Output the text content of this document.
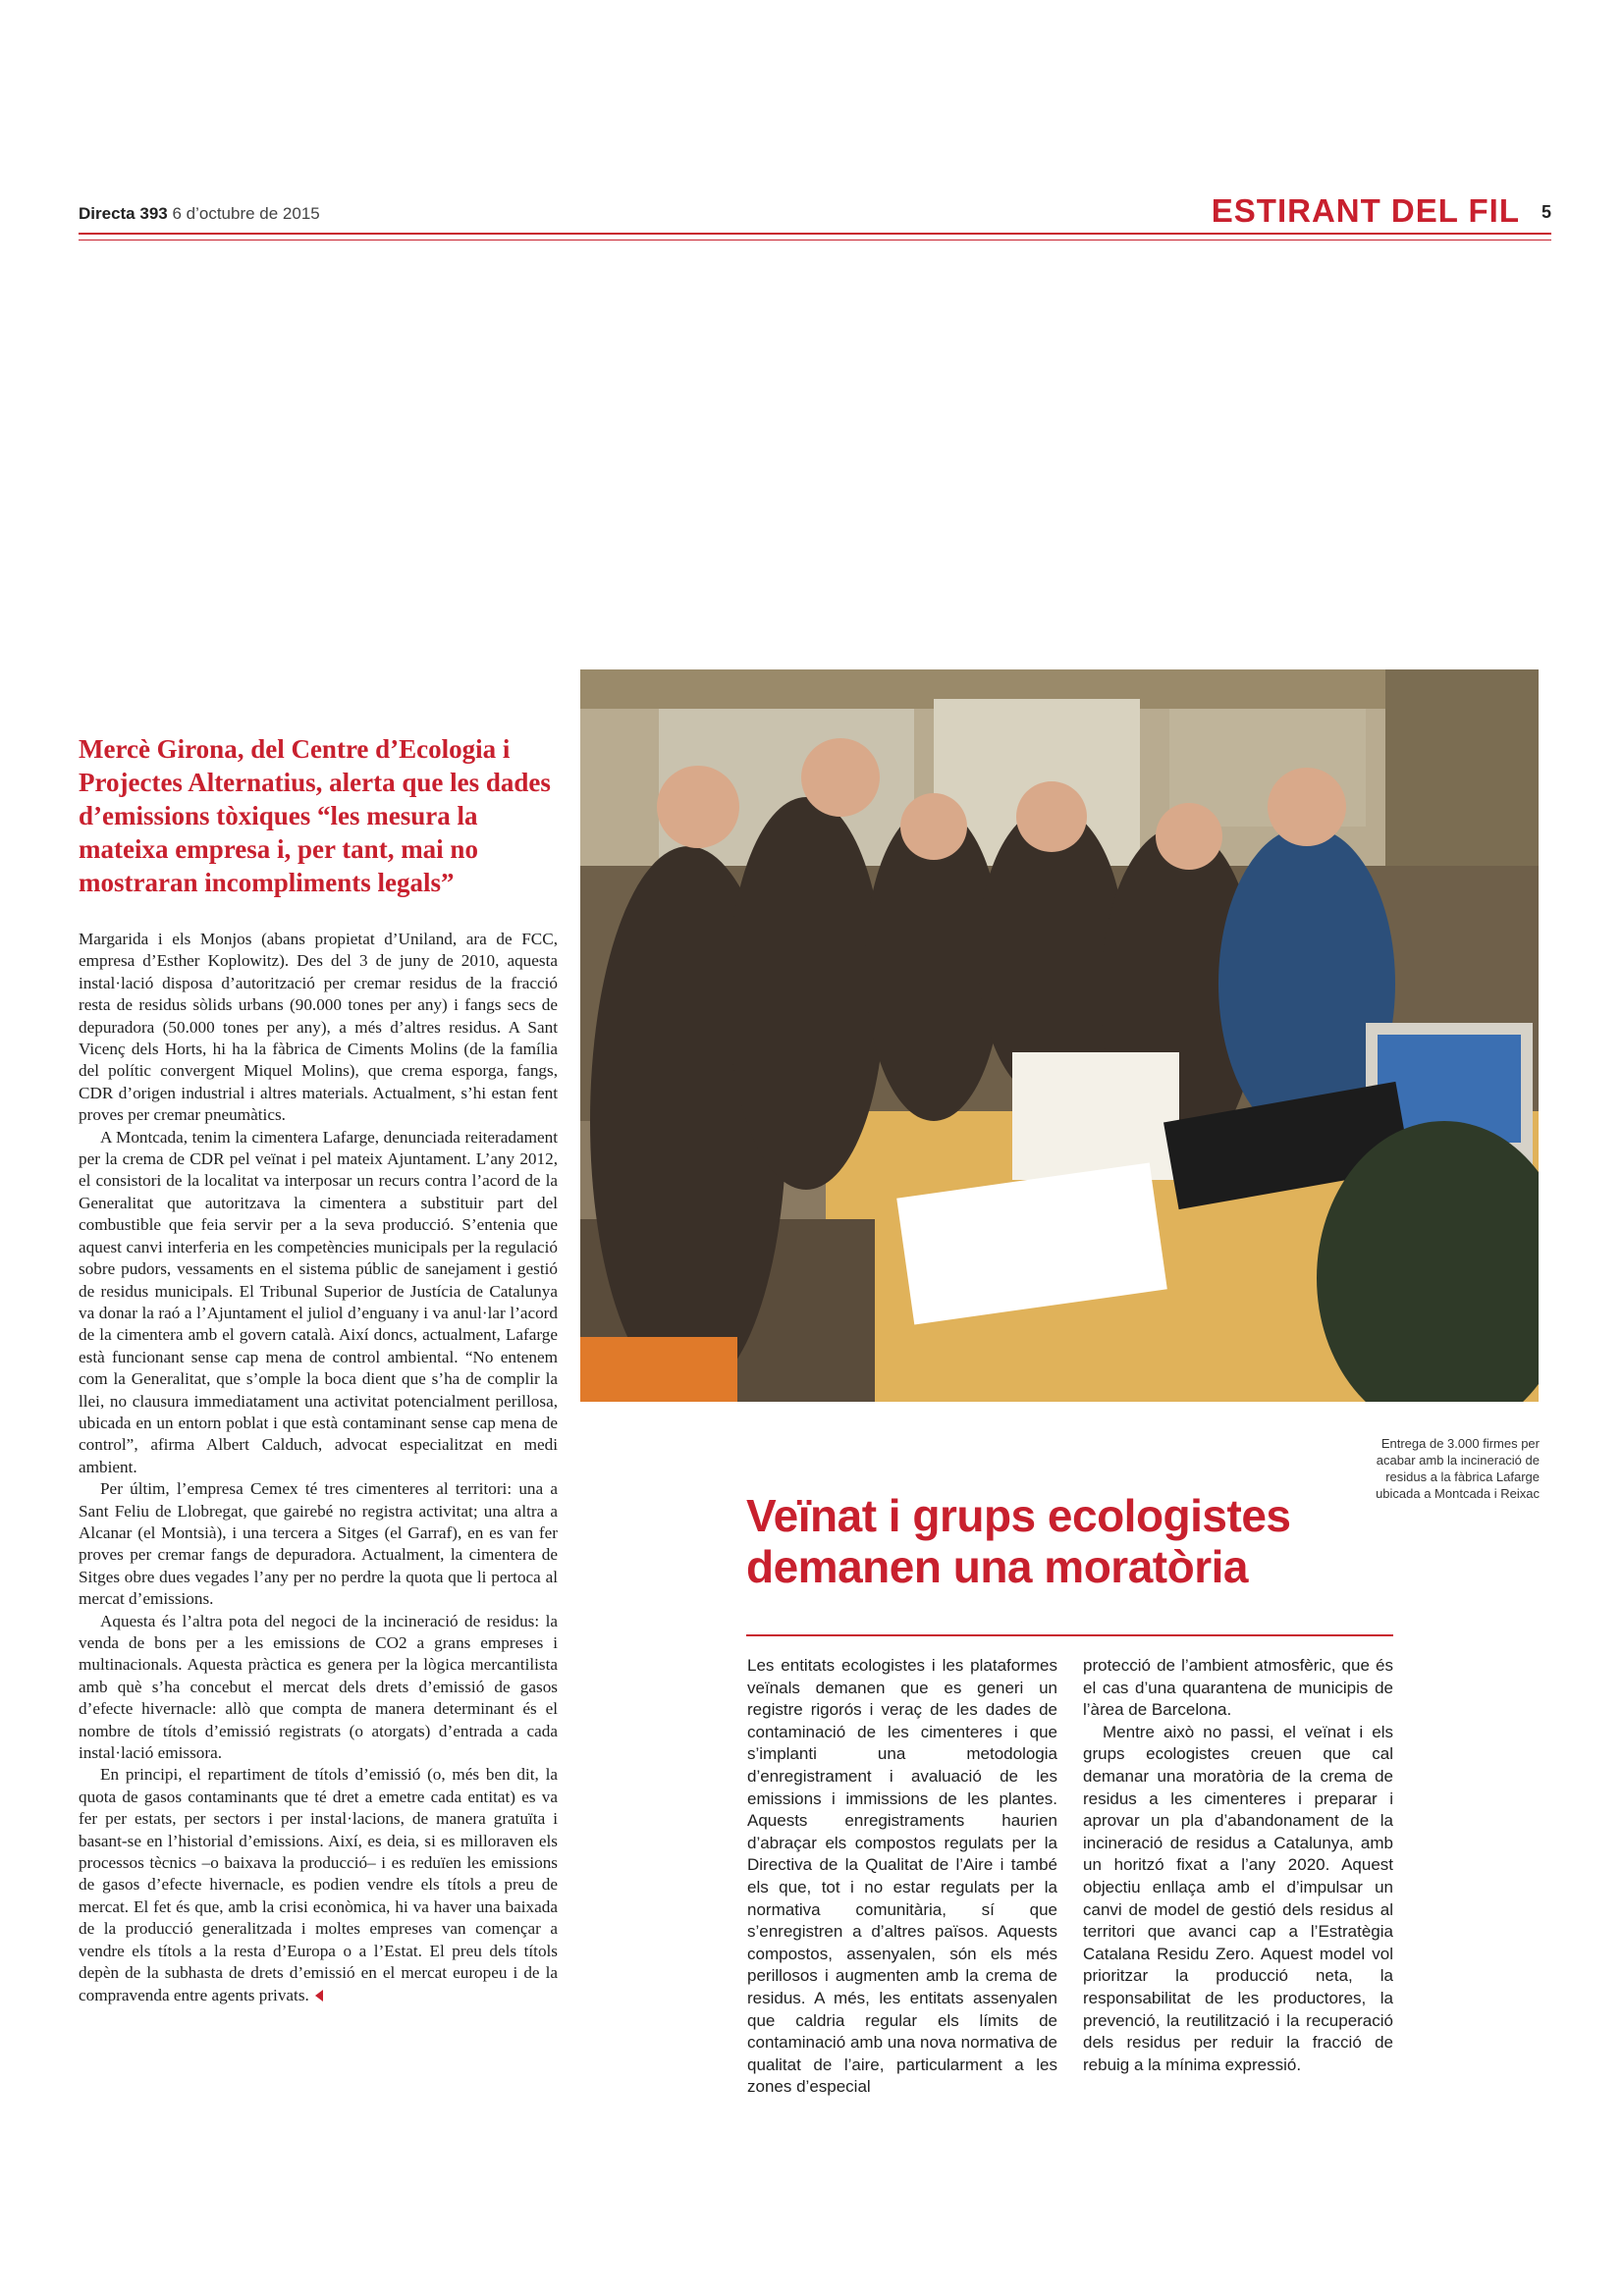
Directa 393 6 d’octubre de 2015	ESTIRANT DEL FIL 5
Mercè Girona, del Centre d’Ecologia i Projectes Alternatius, alerta que les dades d’emissions tòxiques “les mesura la mateixa empresa i, per tant, mai no mostraran incompliments legals”

Margarida i els Monjos (abans propietat d’Uniland, ara de FCC, empresa d’Esther Koplowitz). Des del 3 de juny de 2010, aquesta instal·lació disposa d’autorització per cremar residus de la fracció resta de residus sòlids urbans (90.000 tones per any) i fangs secs de depuradora (50.000 tones per any), a més d’altres residus. A Sant Vicenç dels Horts, hi ha la fàbrica de Ciments Molins (de la família del polític convergent Miquel Molins), que crema esporga, fangs, CDR d’origen industrial i altres materials. Actualment, s’hi estan fent proves per cremar pneumàtics.

A Montcada, tenim la cimentera Lafarge, denunciada reiteradament per la crema de CDR pel veïnat i pel mateix Ajuntament. L’any 2012, el consistori de la localitat va interposar un recurs contra l’acord de la Generalitat que autoritzava la cimentera a substituir part del combustible que feia servir per a la seva producció. S’entenia que aquest canvi interferia en les competències municipals per la regulació sobre pudors, vessaments en el sistema públic de sanejament i gestió de residus municipals. El Tribunal Superior de Justícia de Catalunya va donar la raó a l’Ajuntament el juliol d’enguany i va anul·lar l’acord de la cimentera amb el govern català. Així doncs, actualment, Lafarge està funcionant sense cap mena de control ambiental. “No entenem com la Generalitat, que s’omple la boca dient que s’ha de complir la llei, no clausura immediatament una activitat potencialment perillosa, ubicada en un entorn poblat i que està contaminant sense cap mena de control”, afirma Albert Calduch, advocat especialitzat en medi ambient.

Per últim, l’empresa Cemex té tres cimenteres al territori: una a Sant Feliu de Llobregat, que gairebé no registra activitat; una altra a Alcanar (el Montsià), i una tercera a Sitges (el Garraf), en es van fer proves per cremar fangs de depuradora. Actualment, la cimentera de Sitges obre dues vegades l’any per no perdre la quota que li pertoca al mercat d’emissions.

Aquesta és l’altra pota del negoci de la incineració de residus: la venda de bons per a les emissions de CO2 a grans empreses i multinacionals. Aquesta pràctica es genera per la lògica mercantilista amb què s’ha concebut el mercat dels drets d’emissió de gasos d’efecte hivernacle: allò que compta de manera determinant és el nombre de títols d’emissió registrats (o atorgats) d’entrada a cada instal·lació emissora.

En principi, el repartiment de títols d’emissió (o, més ben dit, la quota de gasos contaminants que té dret a emetre cada entitat) es va fer per estats, per sectors i per instal·lacions, de manera gratuïta i basant-se en l’historial d’emissions. Així, es deia, si es milloraven els processos tècnics –o baixava la producció– i es reduïen les emissions de gasos d’efecte hivernacle, es podien vendre els títols a preu de mercat. El fet és que, amb la crisi econòmica, hi va haver una baixada de la producció generalitzada i moltes empreses van començar a vendre els títols a la resta d’Europa o a l’Estat. El preu dels títols depèn de la subhasta de drets d’emissió en el mercat europeu i de la compravenda entre agents privats.

Entrega de 3.000 firmes per acabar amb la incineració de residus a la fàbrica Lafarge ubicada a Montcada i Reixac
Veïnat i grups ecologistes demanen una moratòria

Les entitats ecologistes i les plataformes veïnals demanen que es generi un registre rigorós i veraç de les dades de contaminació de les cimenteres i que s’implanti una metodologia d’enregistrament i avaluació de les emissions i immissions de les plantes. Aquests enregistraments haurien d’abraçar els compostos regulats per la Directiva de la Qualitat de l’Aire i també els que, tot i no estar regulats per la normativa comunitària, sí que s’enregistren a d’altres països. Aquests compostos, assenyalen, són els més perillosos i augmenten amb la crema de residus. A més, les entitats assenyalen que caldria regular els límits de contaminació amb una nova normativa de qualitat de l’aire, particularment a les zones d’especial

protecció de l’ambient atmosfèric, que és el cas d’una quarantena de municipis de l’àrea de Barcelona.

Mentre això no passi, el veïnat i els grups ecologistes creuen que cal demanar una moratòria de la crema de residus a les cimenteres i preparar i aprovar un pla d’abandonament de la incineració de residus a Catalunya, amb un horitzó fixat a l’any 2020. Aquest objectiu enllaça amb el d’impulsar un canvi de model de gestió dels residus al territori que avanci cap a l’Estratègia Catalana Residu Zero. Aquest model vol prioritzar la producció neta, la responsabilitat de les productores, la prevenció, la reutilització i la recuperació dels residus per reduir la fracció de rebuig a la mínima expressió.
